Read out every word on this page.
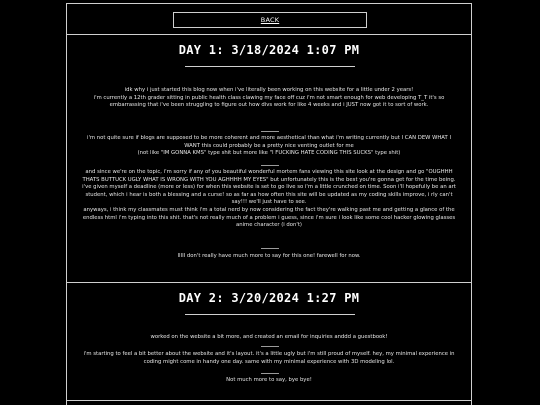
BACK
DAY 1: 3/18/2024 1:07 PM
idk why i just started this blog now when i've literally been working on this website for a little under 2 years!
i'm currently a 12th grader sitting in public health class clawing my face off cuz i'm not smart enough for web developing T_T it's so embarrassing that i've been struggling to figure out how divs work for like 4 weeks and i JUST now got it to sort of work.
i'm not quite sure if blogs are supposed to be more coherent and more aesthetical than what i'm writing currently but I CAN DEW WHAT I WANT this could probably be a pretty nice venting outlet for me
(not like "IM GONNA KMS" type shit but more like "I FUCKING HATE CODING THIS SUCKS" type shit)
and since we're on the topic, i'm sorry if any of you beautiful wonderful mortem fans viewing this site look at the design and go "OUGHHH THATS BUTTUCK UGLY WHAT IS WRONG WITH YOU AGHHHH MY EYES" but unfortunately this is the best you're gonna get for the time being. i've given myself a deadline (more or less) for when this website is set to go live so i'm a little crunched on time. Soon i'll hopefully be an art student, which i hear is both a blessing and a curse! so as far as how often this site will be updated as my coding skills improve, i rly can't say!!! we'll just have to see.
anyways, i think my classmates must think i'm a total nerd by now considering the fact they're walking past me and getting a glance of the endless html i'm typing into this shit. that's not really much of a problem i guess, since i'm sure i look like some cool hacker glowing glasses anime character (i don't)
IIIII don't really have much more to say for this one! farewell for now.
DAY 2: 3/20/2024 1:27 PM
worked on the website a bit more, and created an email for inquiries anddd a guestbook!
i'm starting to feel a bit better about the website and it's layout. it's a little ugly but i'm still proud of myself. hey, my minimal experience in coding might come in handy one day. same with my minimal experience with 3D modeling lol.
Not much more to say, bye bye!
